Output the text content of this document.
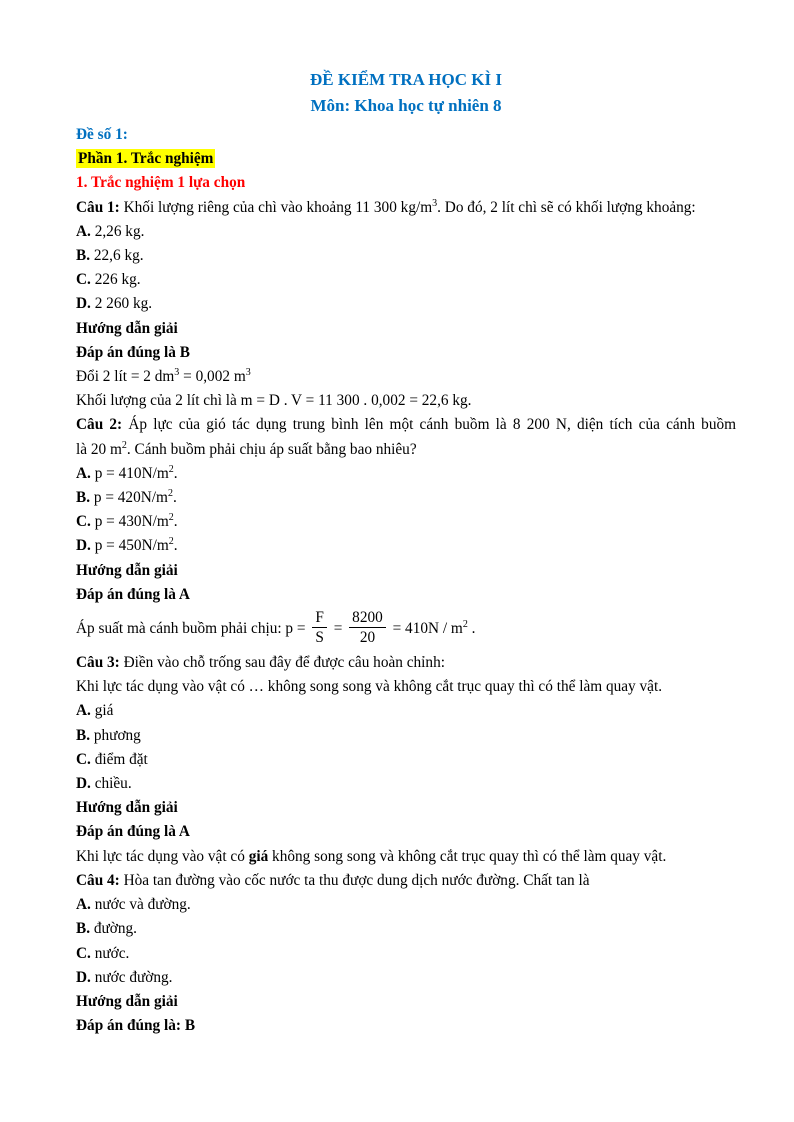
ĐỀ KIỂM TRA HỌC KÌ I
Môn: Khoa học tự nhiên 8
Đề số 1:
Phần 1. Trắc nghiệm
1. Trắc nghiệm 1 lựa chọn
Câu 1: Khối lượng riêng của chì vào khoảng 11 300 $kg/m^3$. Do đó, 2 lít chì sẽ có khối lượng khoảng:
A. 2,26 kg.
B. 22,6 kg.
C. 226 kg.
D. 2 260 kg.
Hướng dẫn giải
Đáp án đúng là B
Đổi 2 lít = 2 $dm^3 = 0,002$ $m^3$
Khối lượng của 2 lít chì là m = D . V = 11 300 . 0,002 = 22,6 kg.
Câu 2: Áp lực của gió tác dụng trung bình lên một cánh buồm là 8 200 N, diện tích của cánh buồm
là 20 $m^2$. Cánh buồm phải chịu áp suất bằng bao nhiêu?
A. $p = 410N/m^2$.
B. $p = 420N/m^2$.
C. $p = 430N/m^2$.
D. $p = 450N/m^2$.
Hướng dẫn giải
Đáp án đúng là A
Áp suất mà cánh buồm phải chịu: $p = \frac{F}{S} = \frac{8200}{20} = 410N / m^2$ .
Câu 3: Điền vào chỗ trống sau đây để được câu hoàn chỉnh:
Khi lực tác dụng vào vật có … không song song và không cắt trục quay thì có thể làm quay vật.
A. giá
B. phương
C. điểm đặt
D. chiều.
Hướng dẫn giải
Đáp án đúng là A
Khi lực tác dụng vào vật có giá không song song và không cắt trục quay thì có thể làm quay vật.
Câu 4: Hòa tan đường vào cốc nước ta thu được dung dịch nước đường. Chất tan là
A. nước và đường.
B. đường.
C. nước.
D. nước đường.
Hướng dẫn giải
Đáp án đúng là: B
